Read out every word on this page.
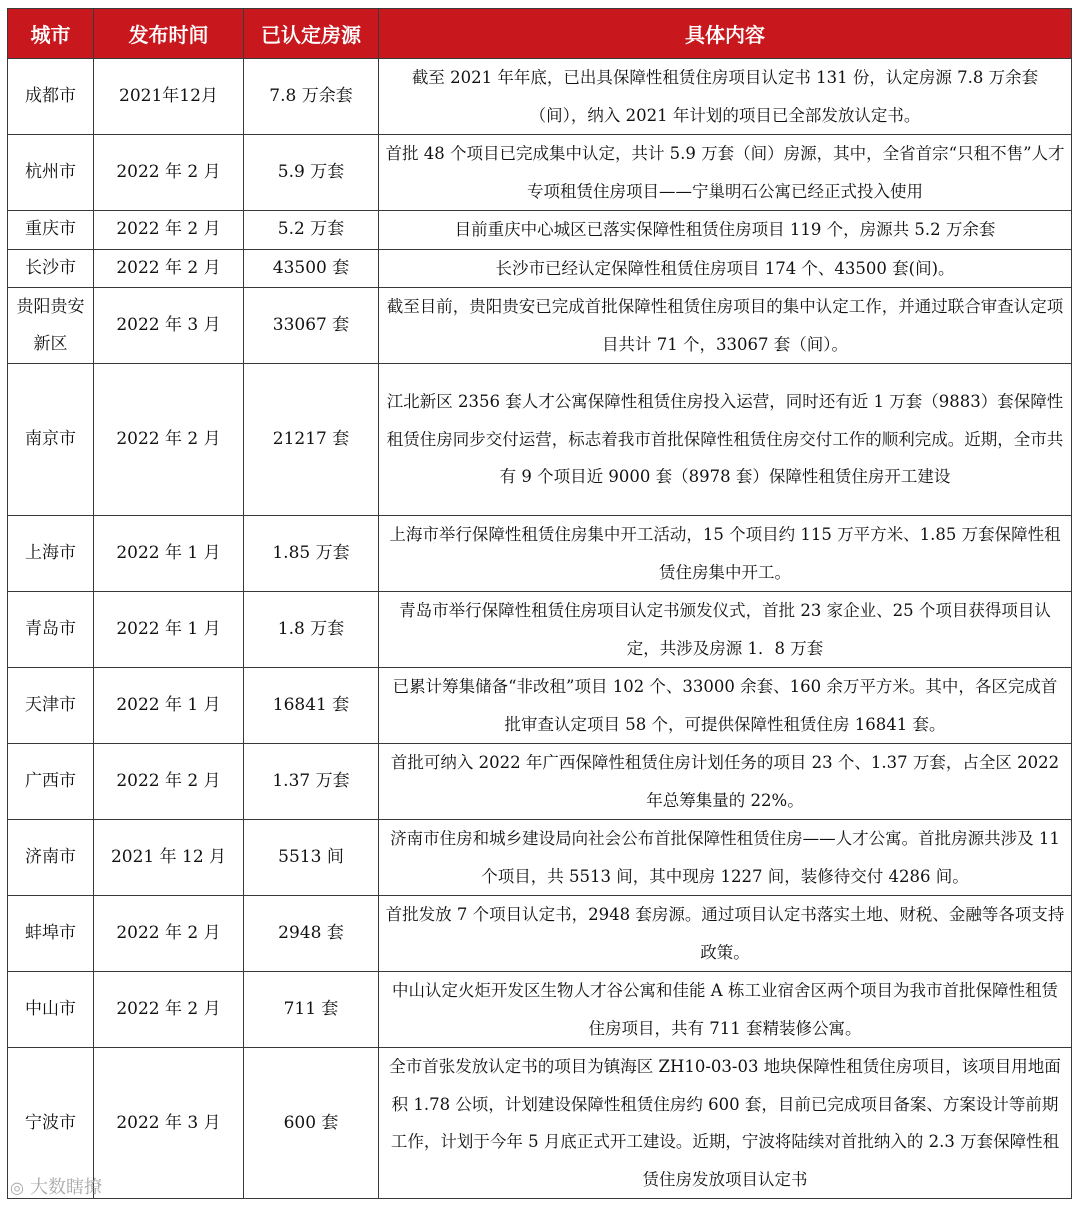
城市	发布时间	已认定房源	具体内容
成都市	2021年12月	7.8 万余套	截至 2021 年年底，已出具保障性租赁住房项目认定书 131 份，认定房源 7.8 万余套（间），纳入 2021 年计划的项目已全部发放认定书。
杭州市	2022 年 2 月	5.9 万套	首批 48 个项目已完成集中认定，共计 5.9 万套（间）房源，其中，全省首宗“只租不售”人才专项租赁住房项目——宁巢明石公寓已经正式投入使用
重庆市	2022 年 2 月	5.2 万套	目前重庆中心城区已落实保障性租赁住房项目 119 个，房源共 5.2 万余套
长沙市	2022 年 2 月	43500 套	长沙市已经认定保障性租赁住房项目 174 个、43500 套(间)。
贵阳贵安新区	2022 年 3 月	33067 套	截至目前，贵阳贵安已完成首批保障性租赁住房项目的集中认定工作，并通过联合审查认定项目共计 71 个，33067 套（间）。
南京市	2022 年 2 月	21217 套	江北新区 2356 套人才公寓保障性租赁住房投入运营，同时还有近 1 万套（9883）套保障性租赁住房同步交付运营，标志着我市首批保障性租赁住房交付工作的顺利完成。近期，全市共有 9 个项目近 9000 套（8978 套）保障性租赁住房开工建设
上海市	2022 年 1 月	1.85 万套	上海市举行保障性租赁住房集中开工活动，15 个项目约 115 万平方米、1.85 万套保障性租赁住房集中开工。
青岛市	2022 年 1 月	1.8 万套	青岛市举行保障性租赁住房项目认定书颁发仪式，首批 23 家企业、25 个项目获得项目认定，共涉及房源 1．8 万套
天津市	2022 年 1 月	16841 套	已累计筹集储备“非改租”项目 102 个、33000 余套、160 余万平方米。其中，各区完成首批审查认定项目 58 个，可提供保障性租赁住房 16841 套。
广西市	2022 年 2 月	1.37 万套	首批可纳入 2022 年广西保障性租赁住房计划任务的项目 23 个、1.37 万套，占全区 2022 年总筹集量的 22%。
济南市	2021 年 12 月	5513 间	济南市住房和城乡建设局向社会公布首批保障性租赁住房——人才公寓。首批房源共涉及 11 个项目，共 5513 间，其中现房 1227 间，装修待交付 4286 间。
蚌埠市	2022 年 2 月	2948 套	首批发放 7 个项目认定书，2948 套房源。通过项目认定书落实土地、财税、金融等各项支持政策。
中山市	2022 年 2 月	711 套	中山认定火炬开发区生物人才谷公寓和佳能 A 栋工业宿舍区两个项目为我市首批保障性租赁住房项目，共有 711 套精装修公寓。
宁波市	2022 年 3 月	600 套	全市首张发放认定书的项目为镇海区 ZH10-03-03 地块保障性租赁住房项目，该项目用地面积 1.78 公顷，计划建设保障性租赁住房约 600 套，目前已完成项目备案、方案设计等前期工作，计划于今年 5 月底正式开工建设。近期，宁波将陆续对首批纳入的 2.3 万套保障性租赁住房发放项目认定书
◎ 大数瞎撩
